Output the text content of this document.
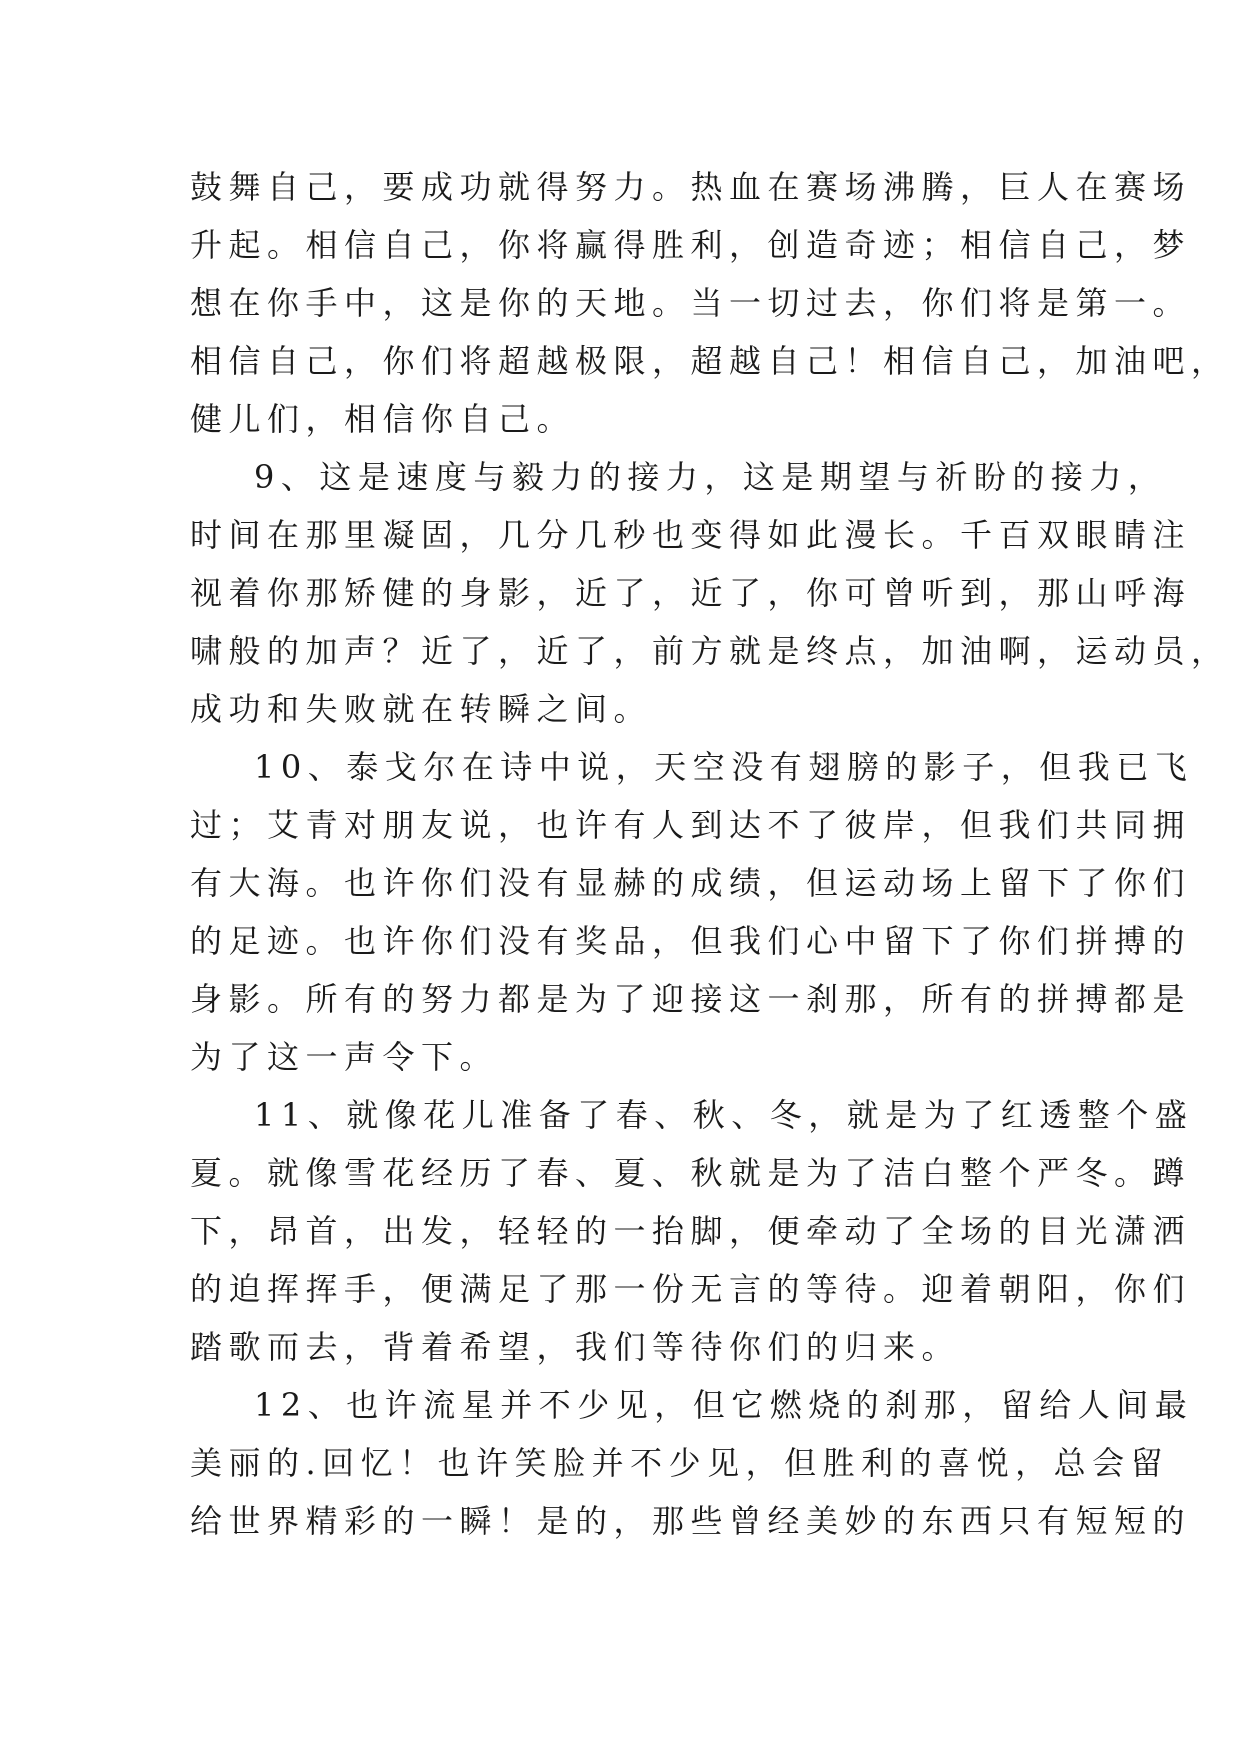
鼓舞自己，要成功就得努力。热血在赛场沸腾，巨人在赛场
升起。相信自己，你将赢得胜利，创造奇迹；相信自己，梦
想在你手中，这是你的天地。当一切过去，你们将是第一。
相信自己，你们将超越极限，超越自己！相信自己，加油吧，
健儿们，相信你自己。
9、这是速度与毅力的接力，这是期望与祈盼的接力，
时间在那里凝固，几分几秒也变得如此漫长。千百双眼睛注
视着你那矫健的身影，近了，近了，你可曾听到，那山呼海
啸般的加声？近了，近了，前方就是终点，加油啊，运动员，
成功和失败就在转瞬之间。
10、泰戈尔在诗中说，天空没有翅膀的影子，但我已飞
过；艾青对朋友说，也许有人到达不了彼岸，但我们共同拥
有大海。也许你们没有显赫的成绩，但运动场上留下了你们
的足迹。也许你们没有奖品，但我们心中留下了你们拼搏的
身影。所有的努力都是为了迎接这一刹那，所有的拼搏都是
为了这一声令下。
11、就像花儿准备了春、秋、冬，就是为了红透整个盛
夏。就像雪花经历了春、夏、秋就是为了洁白整个严冬。蹲
下，昂首，出发，轻轻的一抬脚，便牵动了全场的目光潇洒
的迫挥挥手，便满足了那一份无言的等待。迎着朝阳，你们
踏歌而去，背着希望，我们等待你们的归来。
12、也许流星并不少见，但它燃烧的刹那，留给人间最
美丽的.回忆！也许笑脸并不少见，但胜利的喜悦，总会留
给世界精彩的一瞬！是的，那些曾经美妙的东西只有短短的
